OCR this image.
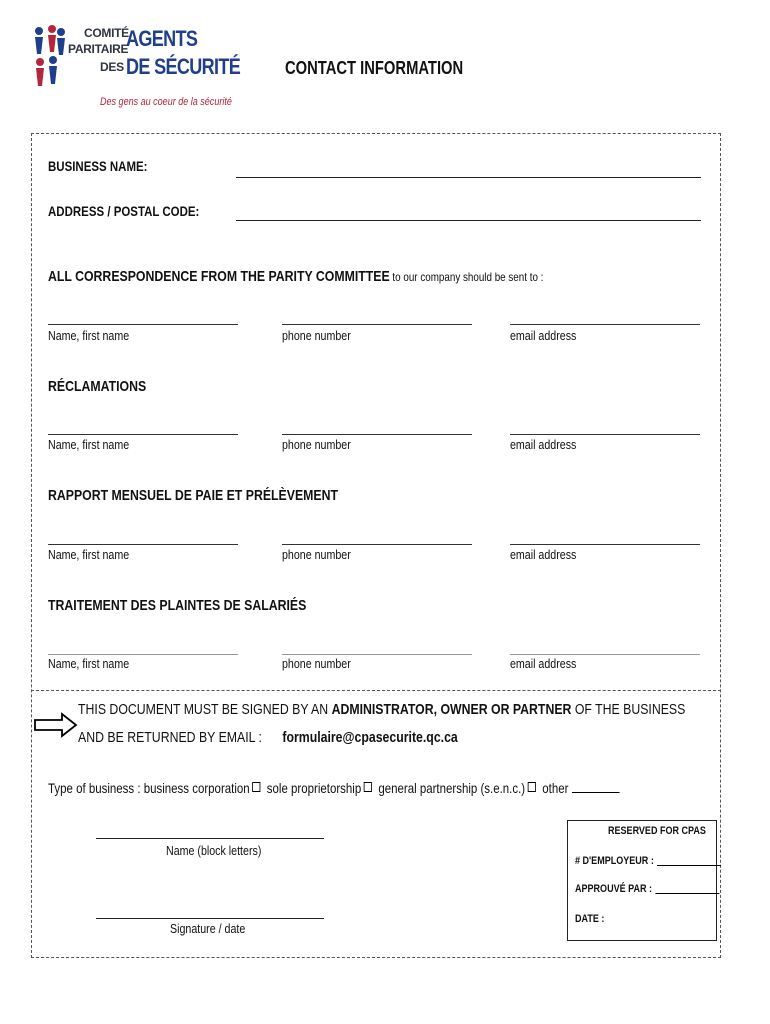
COMITÉ
PARITAIRE
DES
AGENTS
DE SÉCURITÉ
Des gens au coeur de la sécurité
CONTACT INFORMATION
BUSINESS NAME:
ADDRESS / POSTAL CODE:
ALL CORRESPONDENCE FROM THE PARITY COMMITTEE to our company should be sent to :
Name, first name	phone number	email address
RÉCLAMATIONS
Name, first name	phone number	email address
RAPPORT MENSUEL DE PAIE ET PRÉLÈVEMENT
Name, first name	phone number	email address
TRAITEMENT DES PLAINTES DE SALARIÉS
Name, first name	phone number	email address
THIS DOCUMENT MUST BE SIGNED BY AN ADMINISTRATOR, OWNER OR PARTNER OF THE BUSINESS
AND BE RETURNED BY EMAIL : formulaire@cpasecurite.qc.ca
Type of business : business corporation sole proprietorship general partnership (s.e.n.c.) other
Name (block letters)
Signature / date
RESERVED FOR CPAS
# D'EMPLOYEUR :
APPROUVÉ PAR :
DATE :
